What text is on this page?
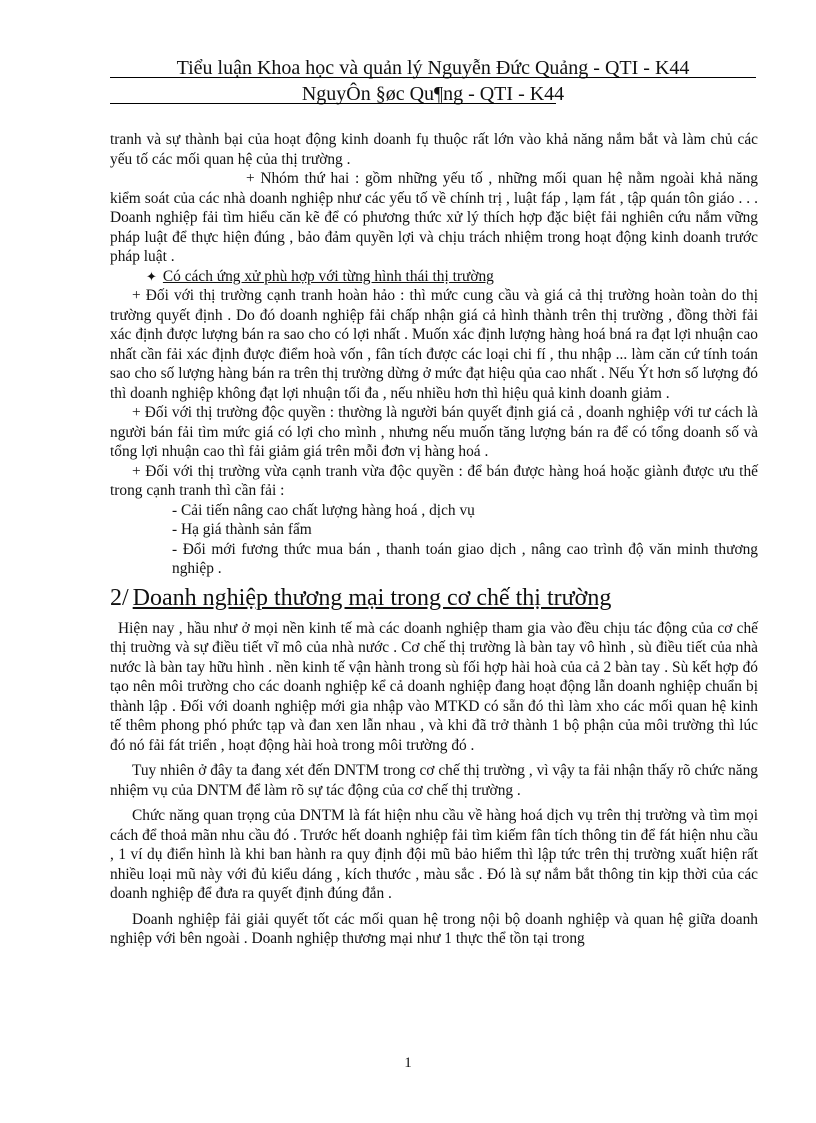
Tiểu luận Khoa học và quản lý Nguyễn Đức Quảng - QTI - K44
NguyÔn §øc Qu¶ng - QTI - K44

tranh và sự thành bại của hoạt động kinh doanh fụ thuộc rất lớn vào khả năng nắm bắt và làm chủ các yếu tố các mối quan hệ của thị trường .

+ Nhóm thứ hai : gồm những yếu tố , những mối quan hệ nằm ngoài khả năng kiểm soát của các nhà doanh nghiệp như các yếu tố về chính trị , luật fáp , lạm fát , tập quán tôn giáo . . . Doanh nghiệp fải tìm hiểu căn kẽ để có phương thức xử lý thích hợp đặc biệt fải nghiên cứu nắm vững pháp luật để thực hiện đúng , bảo đảm quyền lợi và chịu trách nhiệm trong hoạt động kinh doanh trước pháp luật .

✦ Có cách ứng xử phù hợp với từng hình thái thị trường

+ Đối với thị trường cạnh tranh hoàn hảo : thì mức cung cầu và giá cả thị trường hoàn toàn do thị trường quyết định . Do đó doanh nghiệp fải chấp nhận giá cả hình thành trên thị trường , đồng thời fải xác định được lượng bán ra sao cho có lợi nhất . Muốn xác định lượng hàng hoá bná ra đạt lợi nhuận cao nhất cần fải xác định được điểm hoà vốn , fân tích được các loại chi fí , thu nhập ... làm căn cứ tính toán sao cho số lượng hàng bán ra trên thị trường dừng ở mức đạt hiệu qủa cao nhất . Nếu Ýt hơn số lượng đó thì doanh nghiệp không đạt lợi nhuận tối đa , nếu nhiều hơn thì hiệu quả kinh doanh giảm .

+ Đối với thị trường độc quyền : thường là người bán quyết định giá cả , doanh nghiệp với tư cách là người bán fải tìm mức giá có lợi cho mình , nhưng nếu muốn tăng lượng bán ra để có tổng doanh số và tổng lợi nhuận cao thì fải giảm giá trên mỗi đơn vị hàng hoá .

+ Đối với thị trường vừa cạnh tranh vừa độc quyền : để bán được hàng hoá hoặc giành được ưu thế trong cạnh tranh thì cần fải :

- Cải tiến nâng cao chất lượng hàng hoá , dịch vụ

- Hạ giá thành sản fẩm

- Đổi mới fương thức mua bán , thanh toán giao dịch , nâng cao trình độ văn minh thương nghiệp .

2/ Doanh nghiệp thương mại trong cơ chế thị trường

Hiện nay , hầu như ở mọi nền kinh tế mà các doanh nghiệp tham gia vào đều chịu tác động của cơ chế thị truờng và sự điều tiết vĩ mô của nhà nước . Cơ chế thị trường là bàn tay vô hình , sù điều tiết của nhà nước là bàn tay hữu hình . nền kinh tế vận hành trong sù fối hợp hài hoà của cả 2 bàn tay . Sù kết hợp đó tạo nên môi trường cho các doanh nghiệp kể cả doanh nghiệp đang hoạt động lẫn doanh nghiệp chuẩn bị thành lập . Đối với doanh nghiệp mới gia nhập vào MTKD có sẵn đó thì làm xho các mối quan hệ kinh tế thêm phong phó phức tạp và đan xen lẫn nhau , và khi đã trở thành 1 bộ phận của môi trường thì lúc đó nó fải fát triển , hoạt động hài hoà trong môi trường đó .

Tuy nhiên ở đây ta đang xét đến DNTM trong cơ chế thị trường , vì vậy ta fải nhận thấy rõ chức năng nhiệm vụ của DNTM để làm rõ sự tác động của cơ chế thị trường .

Chức năng quan trọng của DNTM là fát hiện nhu cầu về hàng hoá dịch vụ trên thị trường và tìm mọi cách để thoả mãn nhu cầu đó . Trước hết doanh nghiệp fải tìm kiếm fân tích thông tin để fát hiện nhu cầu , 1 ví dụ điển hình là khi ban hành ra quy định đội mũ bảo hiểm thì lập tức trên thị trường xuất hiện rất nhiều loại mũ này với đủ kiểu dáng , kích thước , màu sắc . Đó là sự nắm bắt thông tin kịp thời của các doanh nghiệp để đưa ra quyết định đúng đắn .

Doanh nghiệp fải giải quyết tốt các mối quan hệ trong nội bộ doanh nghiệp và quan hệ giữa doanh nghiệp với bên ngoài . Doanh nghiệp thương mại như 1 thực thể tồn tại trong

1
